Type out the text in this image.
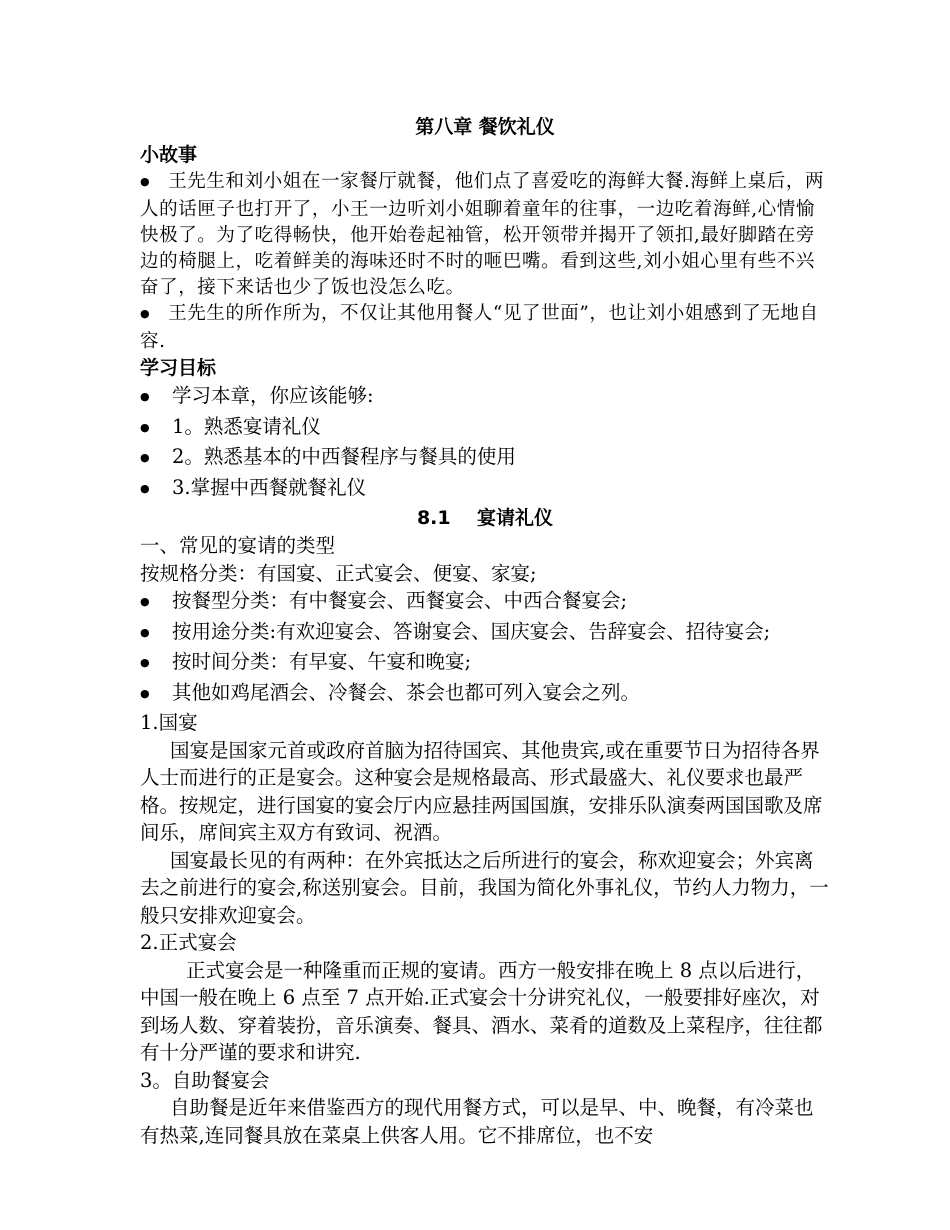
第八章 餐饮礼仪
小故事

● 王先生和刘小姐在一家餐厅就餐，他们点了喜爱吃的海鲜大餐.海鲜上桌后，两人的话匣子也打开了，小王一边听刘小姐聊着童年的往事，一边吃着海鲜,心情愉快极了。为了吃得畅快，他开始卷起袖管，松开领带并揭开了领扣,最好脚踏在旁边的椅腿上，吃着鲜美的海味还时不时的咂巴嘴。看到这些,刘小姐心里有些不兴奋了，接下来话也少了饭也没怎么吃。

● 王先生的所作所为，不仅让其他用餐人“见了世面”，也让刘小姐感到了无地自容.

学习目标
● 学习本章，你应该能够:
● 1。熟悉宴请礼仪
● 2。熟悉基本的中西餐程序与餐具的使用
● 3.掌握中西餐就餐礼仪
8.1    宴请礼仪
一、常见的宴请的类型
按规格分类：有国宴、正式宴会、便宴、家宴;
● 按餐型分类：有中餐宴会、西餐宴会、中西合餐宴会;
● 按用途分类:有欢迎宴会、答谢宴会、国庆宴会、告辞宴会、招待宴会;
● 按时间分类：有早宴、午宴和晚宴;
● 其他如鸡尾酒会、冷餐会、茶会也都可列入宴会之列。
1.国宴

国宴是国家元首或政府首脑为招待国宾、其他贵宾,或在重要节日为招待各界人士而进行的正是宴会。这种宴会是规格最高、形式最盛大、礼仪要求也最严格。按规定，进行国宴的宴会厅内应悬挂两国国旗，安排乐队演奏两国国歌及席间乐，席间宾主双方有致词、祝酒。

国宴最长见的有两种：在外宾抵达之后所进行的宴会，称欢迎宴会；外宾离去之前进行的宴会,称送别宴会。目前，我国为简化外事礼仪，节约人力物力，一般只安排欢迎宴会。

2.正式宴会

正式宴会是一种隆重而正规的宴请。西方一般安排在晚上 8 点以后进行，中国一般在晚上 6 点至 7 点开始.正式宴会十分讲究礼仪，一般要排好座次，对到场人数、穿着装扮，音乐演奏、餐具、酒水、菜肴的道数及上菜程序，往往都有十分严谨的要求和讲究.

3。自助餐宴会

自助餐是近年来借鉴西方的现代用餐方式，可以是早、中、晚餐，有冷菜也有热菜,连同餐具放在菜桌上供客人用。它不排席位，也不安
